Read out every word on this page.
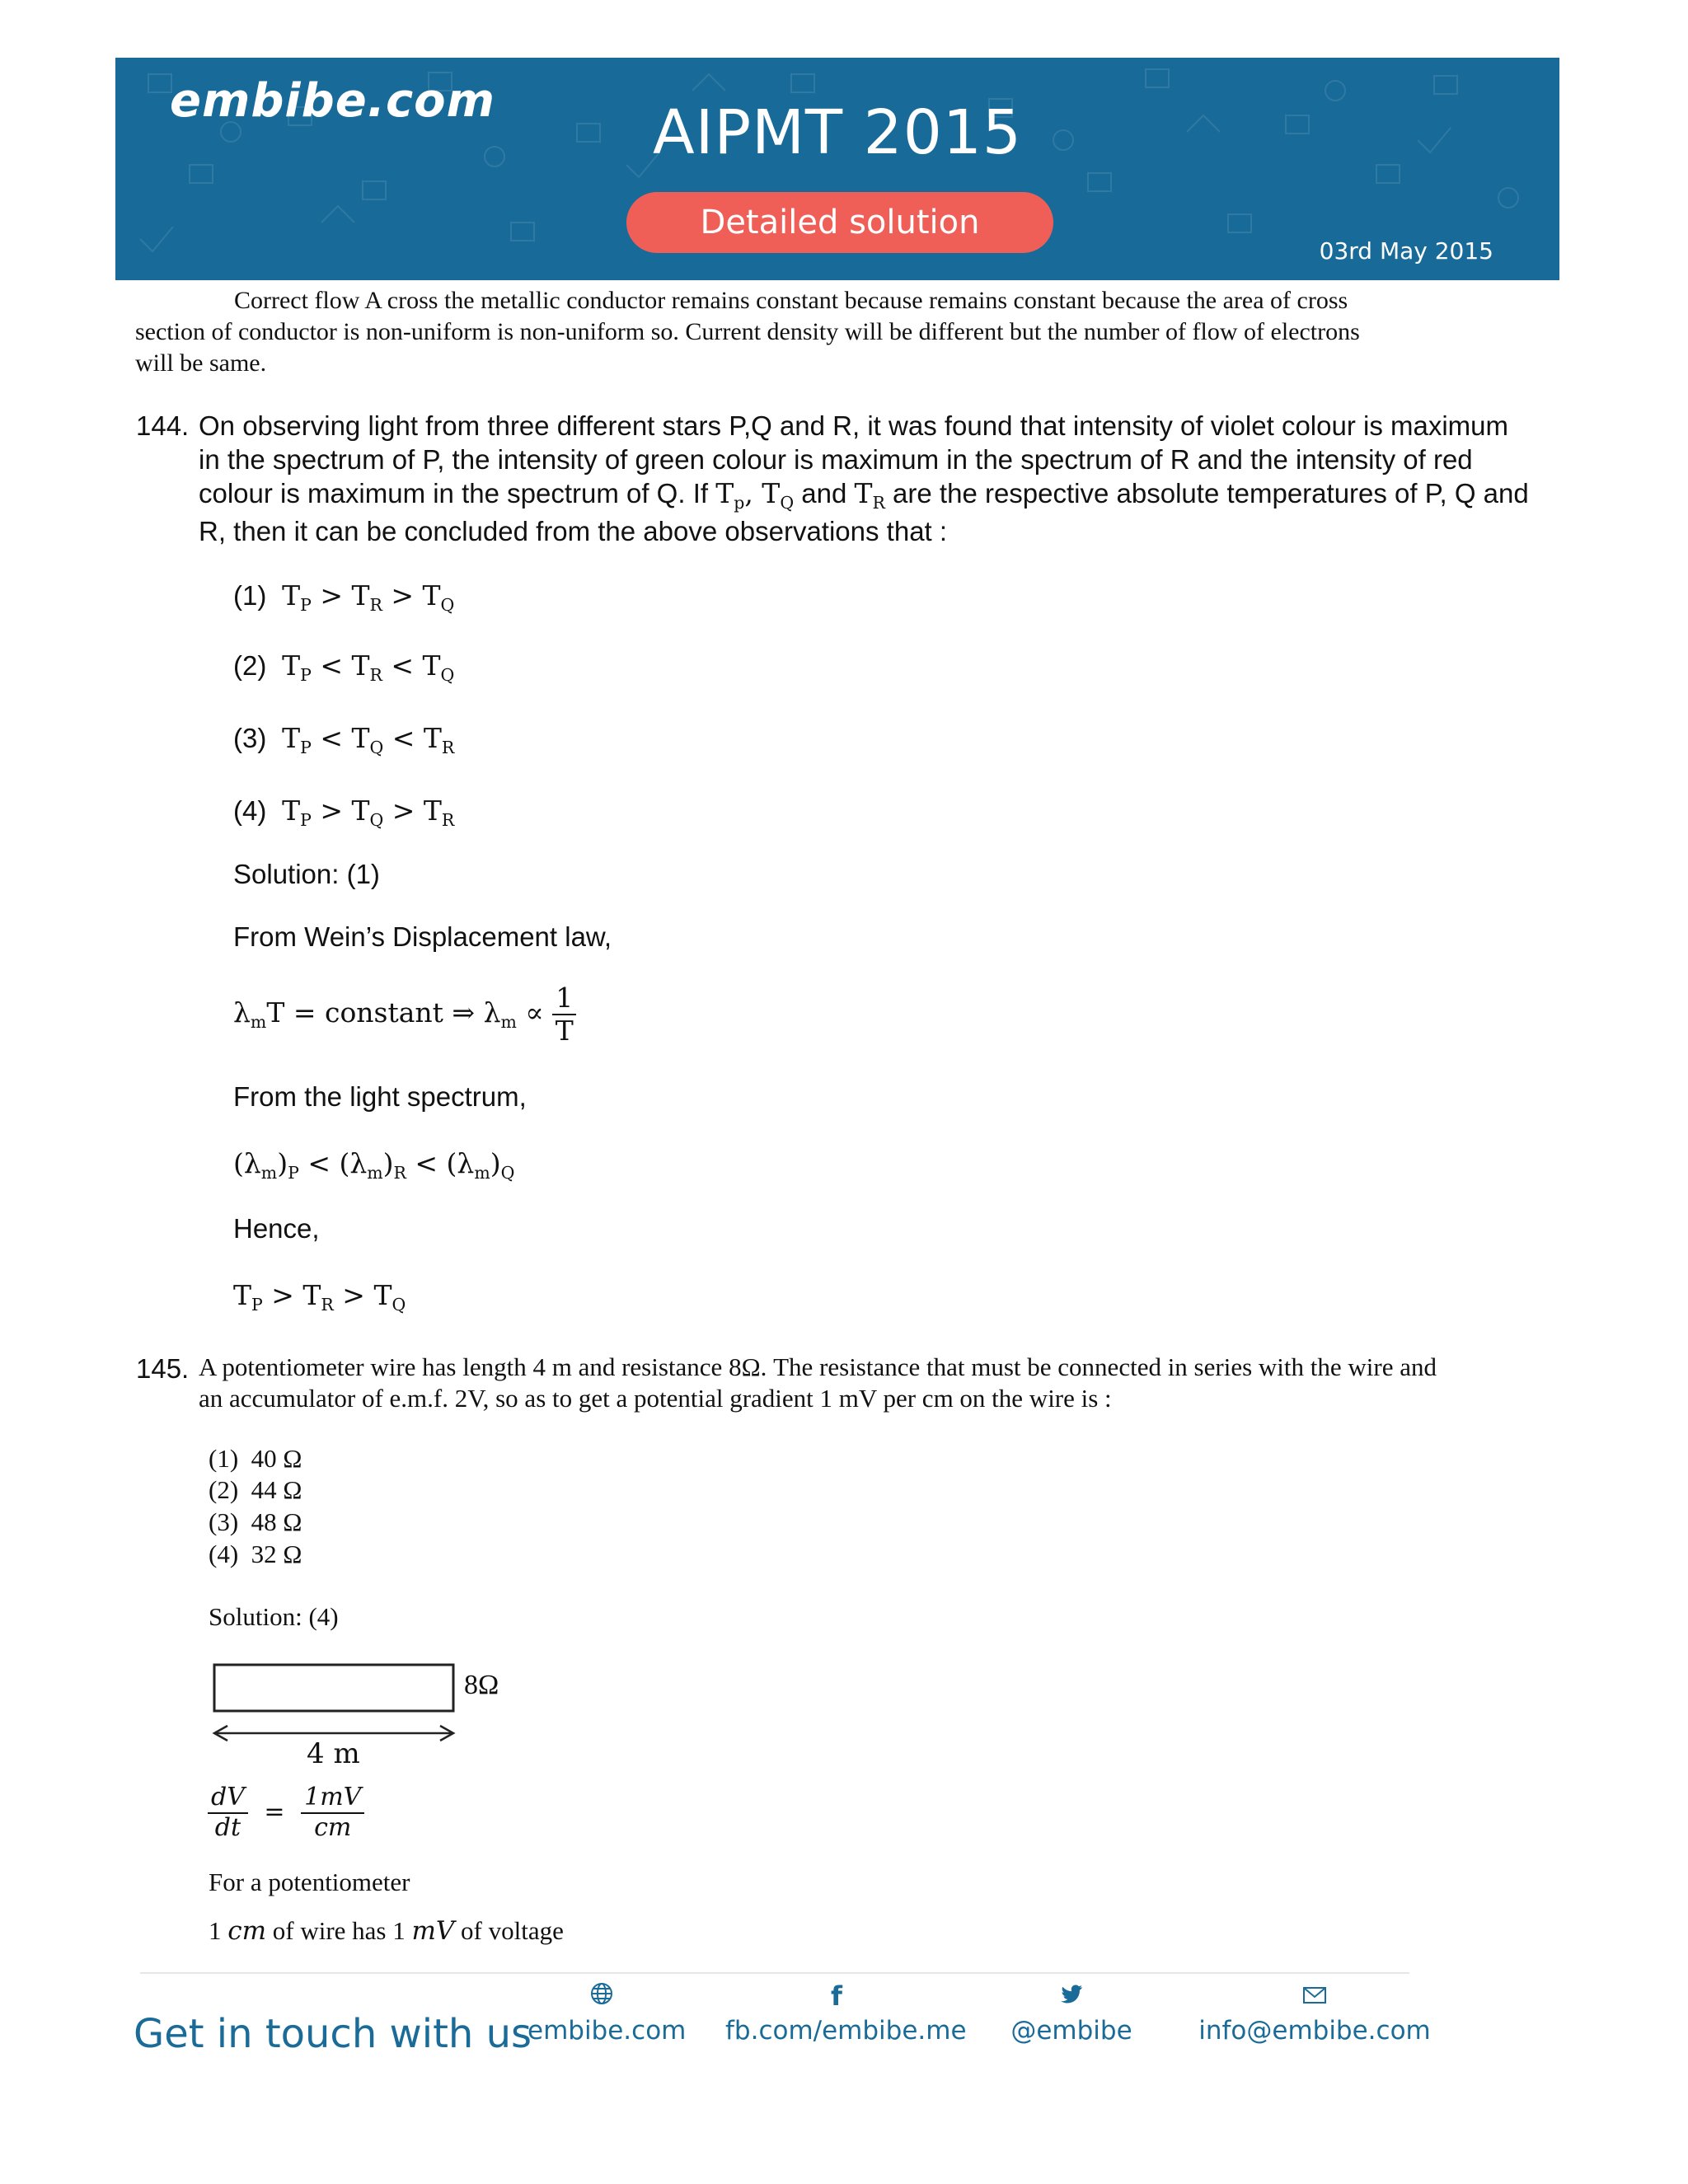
embibe.com	AIPMT 2015
Detailed solution
03rd May 2015

Correct flow A cross the metallic conductor remains constant because remains constant because the area of cross

section of conductor is non-uniform is non-uniform so. Current density will be different but the number of flow of electrons

will be same.

144. On observing light from three different stars P,Q and R, it was found that intensity of violet colour is maximum
in the spectrum of P, the intensity of green colour is maximum in the spectrum of R and the intensity of red
colour is maximum in the spectrum of Q. If $T_p$, $T_Q$ and $T_R$ are the respective absolute temperatures of P, Q and
R, then it can be concluded from the above observations that :
(1)  $T_P > T_R > T_Q$
(2)  $T_P < T_R < T_Q$
(3)  $T_P < T_Q < T_R$
(4)  $T_P > T_Q > T_R$
Solution: (1)
From Wein’s Displacement law,
$\lambda_mT$ = constant ⇒ $\lambda_m \propto \frac{1}{T}$
From the light spectrum,
$(\lambda_m)_P < (\lambda_m)_R < (\lambda_m)_Q$
Hence,
$T_P > T_R > T_Q$
145. A potentiometer wire has length 4 m and resistance 8Ω. The resistance that must be connected in series with the wire and
an accumulator of e.m.f. 2V, so as to get a potential gradient 1 mV per cm on the wire is :
(1) 40 Ω
(2) 44 Ω
(3) 48 Ω
(4) 32 Ω
Solution: (4)
8Ω
4 m
$\frac{dV}{dt} = \frac{1mV}{cm}$
For a potentiometer
1 cm of wire has 1 mV of voltage
Get in touch with us
embibe.com
f
fb.com/embibe.me @embibe	info@embibe.com
